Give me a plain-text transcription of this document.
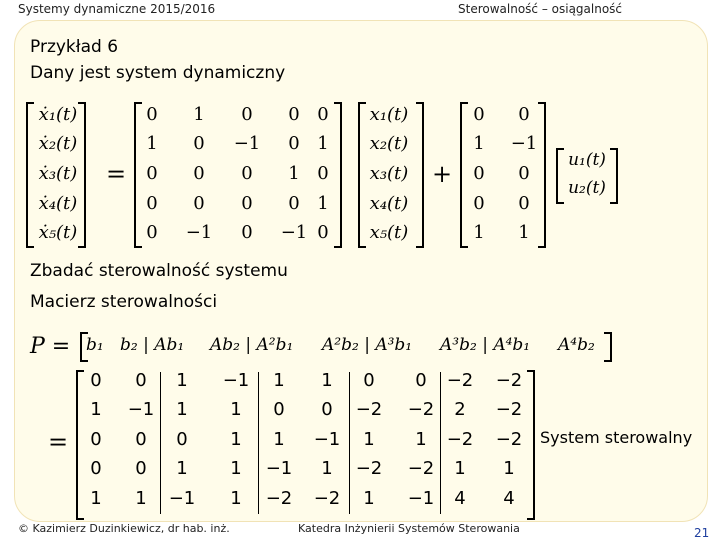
Systemy dynamiczne 2015/2016	Sterowalność – osiągalność
Przykład 6
Dany jest system dynamiczny
ẋ₁(t)
ẋ₂(t)
ẋ₃(t)
ẋ₄(t)
ẋ₅(t)
=
0 1 0 0 0
1 0 −1 0 1
0 0 0 1 0
0 0 0 0 1
0 −1 0 −1 0
x₁(t)
x₂(t)
x₃(t)
x₄(t)
x₅(t)
+
0 0
1 −1
0 0
0 0
1 1
u₁(t)
u₂(t)
Zbadać sterowalność systemu
Macierz sterowalności
P = b₁ b₂ | Ab₁ Ab₂ | A²b₁ A²b₂ | A³b₁ A³b₂ | A⁴b₁ A⁴b₂
0 0 1 −1 1 1 0 0 −2 −2
1 −1 1 1 0 0 −2 −2 2 −2
0 0 0 1 1 −1 1 1 −2 −2
0 0 1 1 −1 1 −2 −2 1 1
1 1 −1 1 −2 −2 1 −1 4 4
=	System sterowalny
© Kazimierz Duzinkiewicz, dr hab. inż.	Katedra Inżynierii Systemów Sterowania	21
